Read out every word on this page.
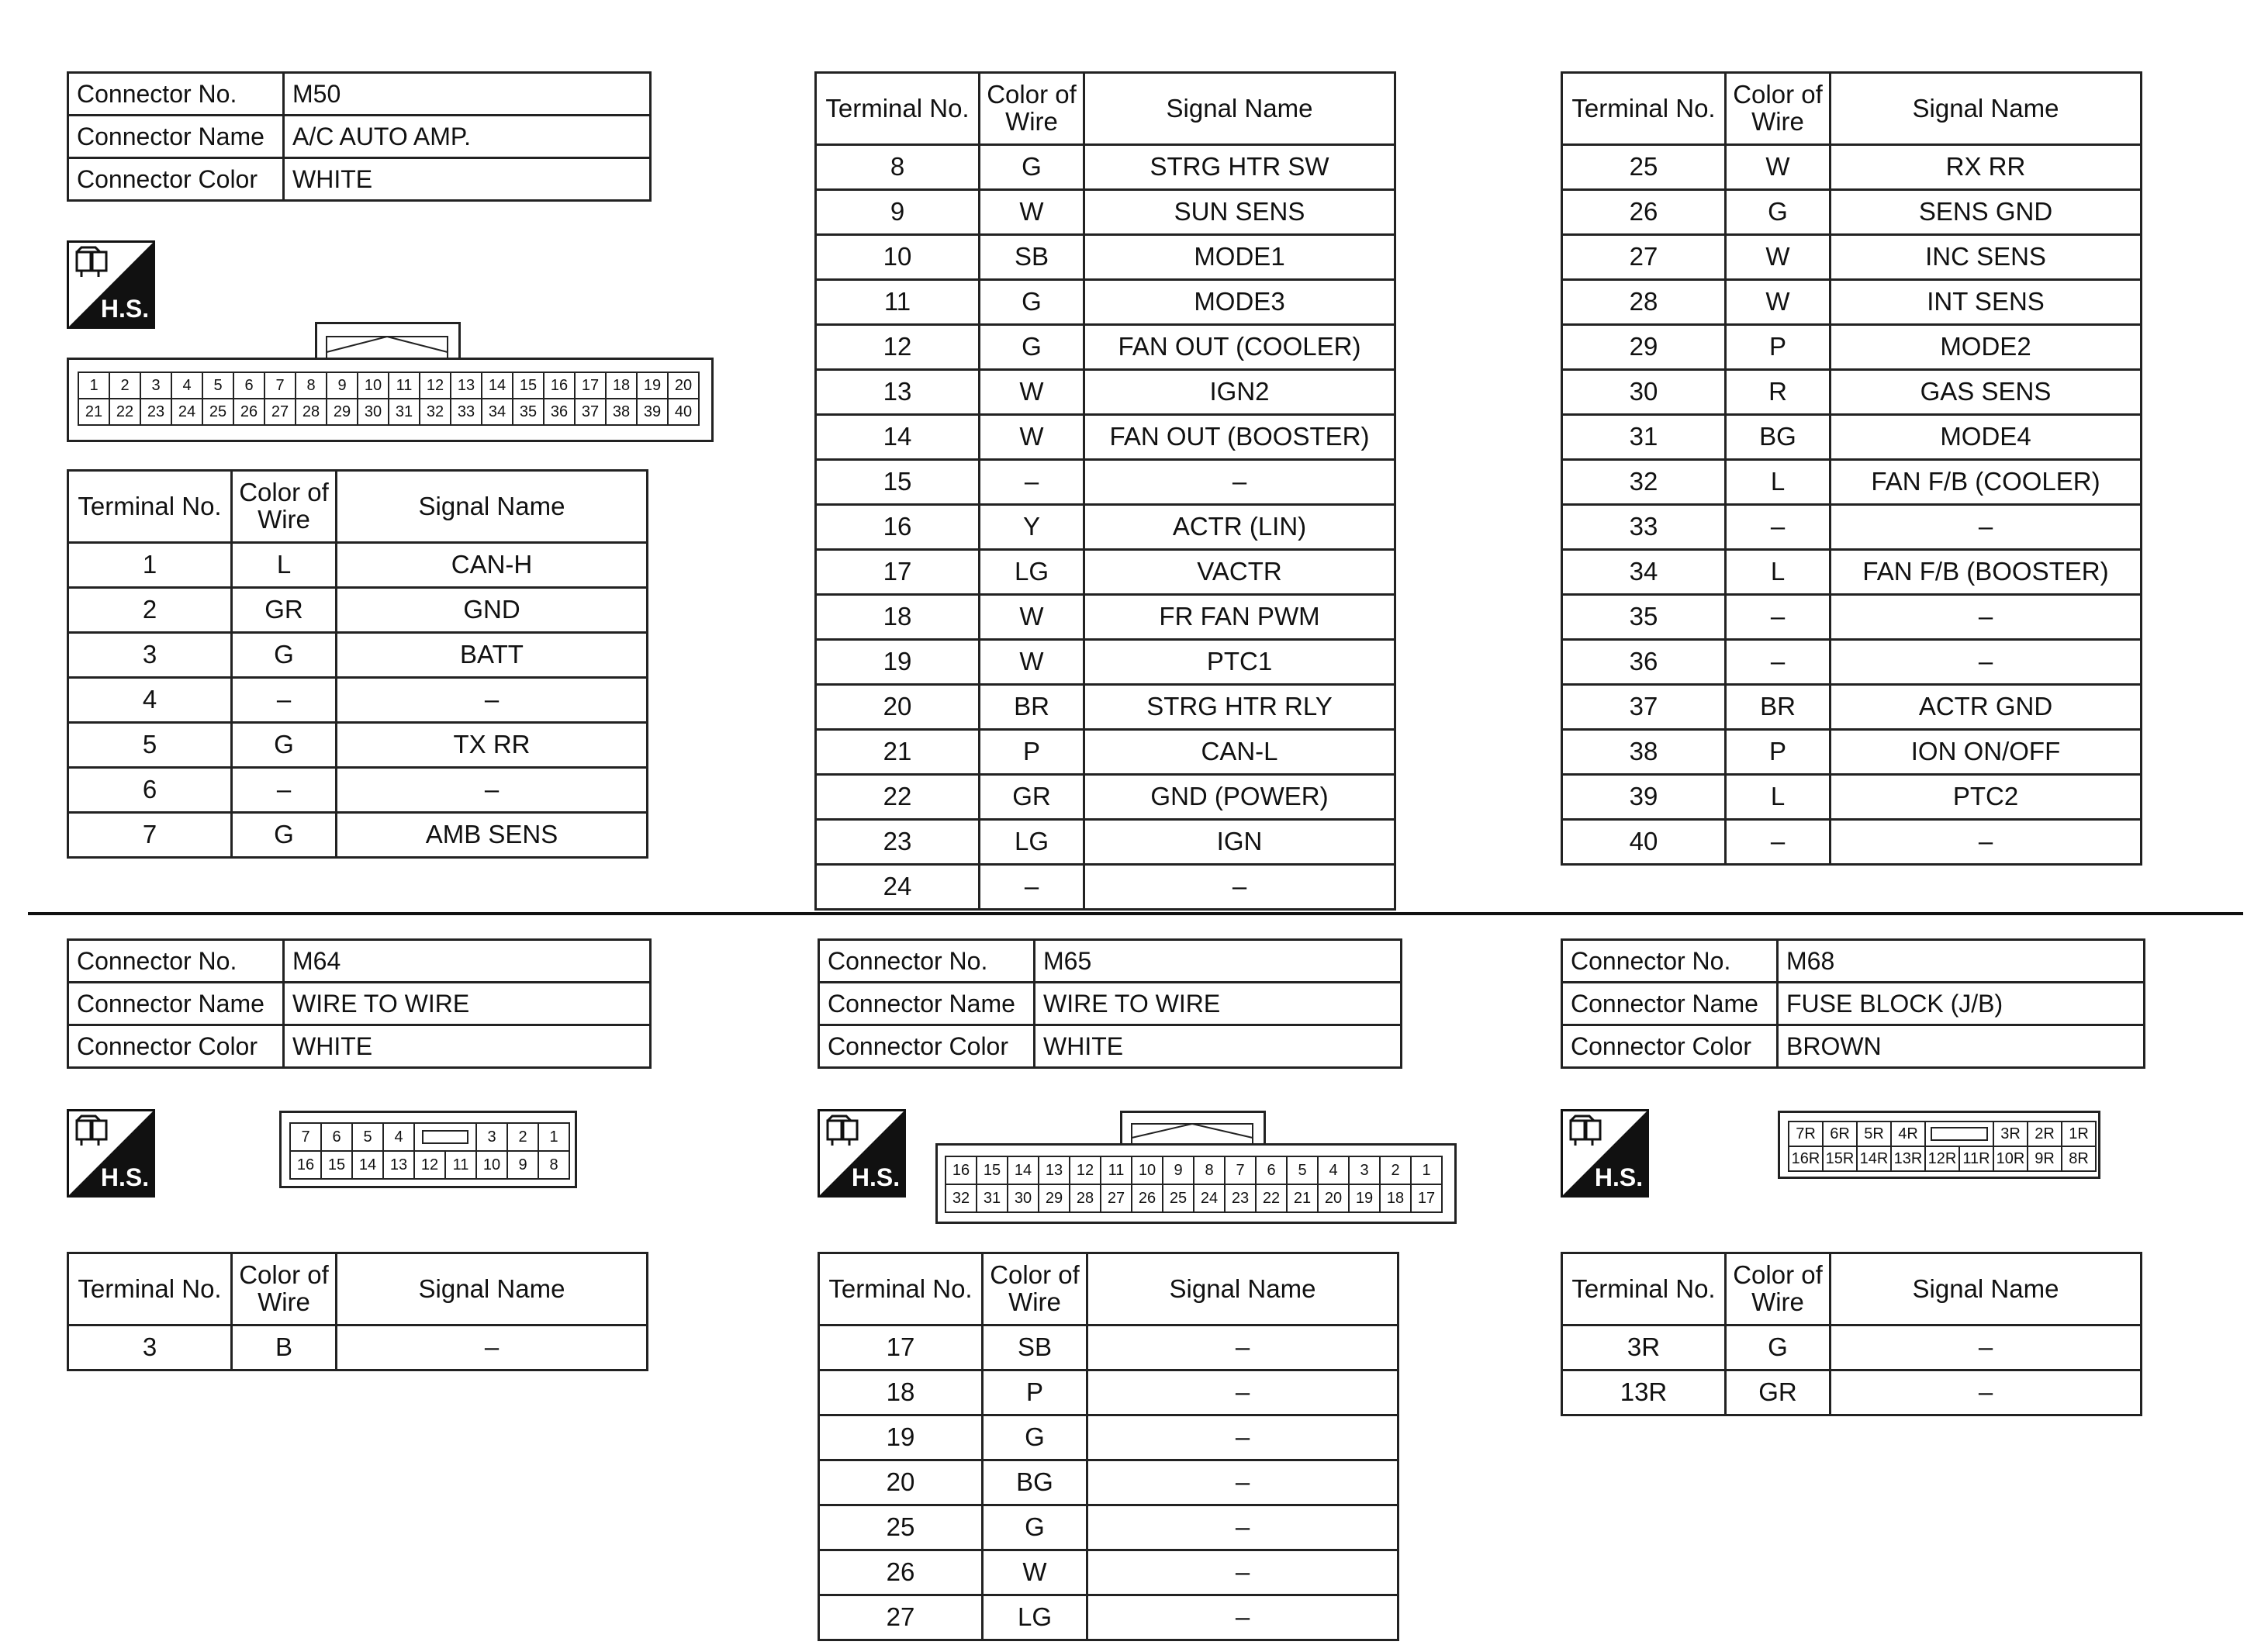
Connector No.	M50
Connector Name	A/C AUTO AMP.
Connector Color	WHITE
H.S.
1	2	3	4	5	6	7	8	9	10 11 12 13 14 15 16 17 18 19 20
21 22 23 24 25 26 27 28 29 30 31 32 33 34 35 36 37 38 39 40
Terminal No.	Color of
Wire	Signal Name
1	L	CAN-H
2	GR	GND
3	G	BATT
4	–	–
5	G	TX RR
6	–	–
7	G	AMB SENS
Terminal No.	Color of
Wire	Signal Name
8	G	STRG HTR SW
9	W	SUN SENS
10	SB	MODE1
11	G	MODE3
12	G	FAN OUT (COOLER)
13	W	IGN2
14	W	FAN OUT (BOOSTER)
15	–	–
16	Y	ACTR (LIN)
17	LG	VACTR
18	W	FR FAN PWM
19	W	PTC1
20	BR	STRG HTR RLY
21	P	CAN-L
22	GR	GND (POWER)
23	LG	IGN
24	–	–
Terminal No.	Color of
Wire	Signal Name
25	W	RX RR
26	G	SENS GND
27	W	INC SENS
28	W	INT SENS
29	P	MODE2
30	R	GAS SENS
31	BG	MODE4
32	L	FAN F/B (COOLER)
33	–	–
34	L	FAN F/B (BOOSTER)
35	–	–
36	–	–
37	BR	ACTR GND
38	P	ION ON/OFF
39	L	PTC2
40	–	–
Connector No.	M64
Connector Name	WIRE TO WIRE
Connector Color	WHITE
H.S.
7	6	5	4	3	2	1
16 15 14 13 12 11 10	9	8
Terminal No.	Color of
Wire	Signal Name
3	B	–
Connector No.	M65
Connector Name	WIRE TO WIRE
Connector Color	WHITE
H.S.	16 15 14 13 12 11 10	9	8	7	6	5	4	3	2	1
32 31 30 29 28 27 26 25 24 23 22 21 20 19 18 17
Terminal No.	Color of
Wire	Signal Name
17	SB	–
18	P	–
19	G	–
20	BG	–
25	G	–
26	W	–
27	LG	–
Connector No.	M68
Connector Name	FUSE BLOCK (J/B)
Connector Color	BROWN
H.S.
7R 6R 5R 4R	3R 2R 1R
16R 15R 14R 13R 12R 11R 10R 9R 8R
Terminal No.	Color of
Wire	Signal Name
3R	G	–
13R	GR	–
